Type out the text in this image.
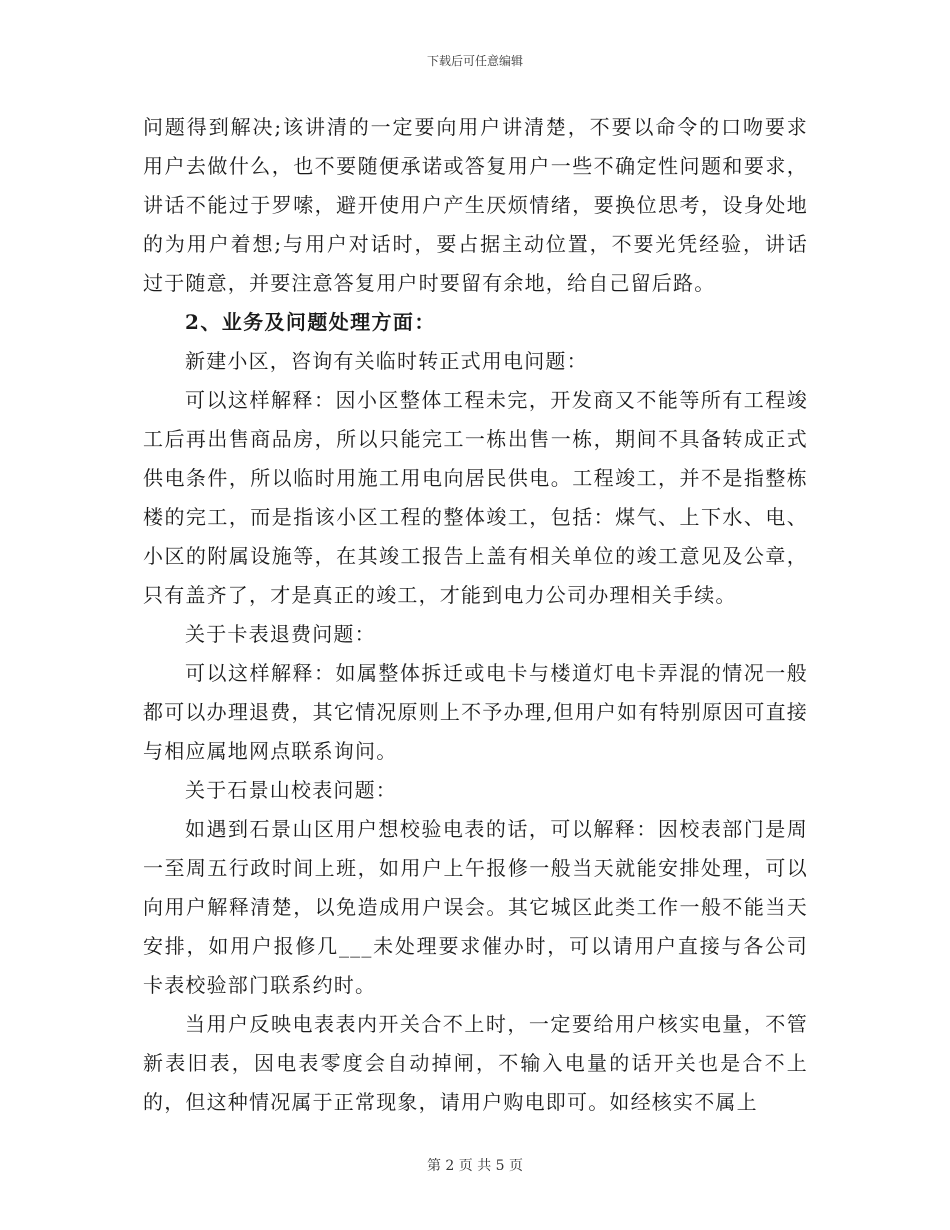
下载后可任意编辑

问题得到解决;该讲清的一定要向用户讲清楚，不要以命令的口吻要求用户去做什么，也不要随便承诺或答复用户一些不确定性问题和要求，讲话不能过于罗嗦，避开使用户产生厌烦情绪，要换位思考，设身处地的为用户着想;与用户对话时，要占据主动位置，不要光凭经验，讲话过于随意，并要注意答复用户时要留有余地，给自己留后路。

2、业务及问题处理方面：

新建小区，咨询有关临时转正式用电问题：

可以这样解释：因小区整体工程未完，开发商又不能等所有工程竣工后再出售商品房，所以只能完工一栋出售一栋，期间不具备转成正式供电条件，所以临时用施工用电向居民供电。工程竣工，并不是指整栋楼的完工，而是指该小区工程的整体竣工，包括：煤气、上下水、电、小区的附属设施等，在其竣工报告上盖有相关单位的竣工意见及公章，只有盖齐了，才是真正的竣工，才能到电力公司办理相关手续。

关于卡表退费问题：

可以这样解释：如属整体拆迁或电卡与楼道灯电卡弄混的情况一般都可以办理退费，其它情况原则上不予办理,但用户如有特别原因可直接与相应属地网点联系询问。

关于石景山校表问题：

如遇到石景山区用户想校验电表的话，可以解释：因校表部门是周一至周五行政时间上班，如用户上午报修一般当天就能安排处理，可以向用户解释清楚，以免造成用户误会。其它城区此类工作一般不能当天安排，如用户报修几___未处理要求催办时，可以请用户直接与各公司卡表校验部门联系约时。

当用户反映电表表内开关合不上时，一定要给用户核实电量，不管新表旧表，因电表零度会自动掉闸，不输入电量的话开关也是合不上的，但这种情况属于正常现象，请用户购电即可。如经核实不属上

第 2 页 共 5 页
